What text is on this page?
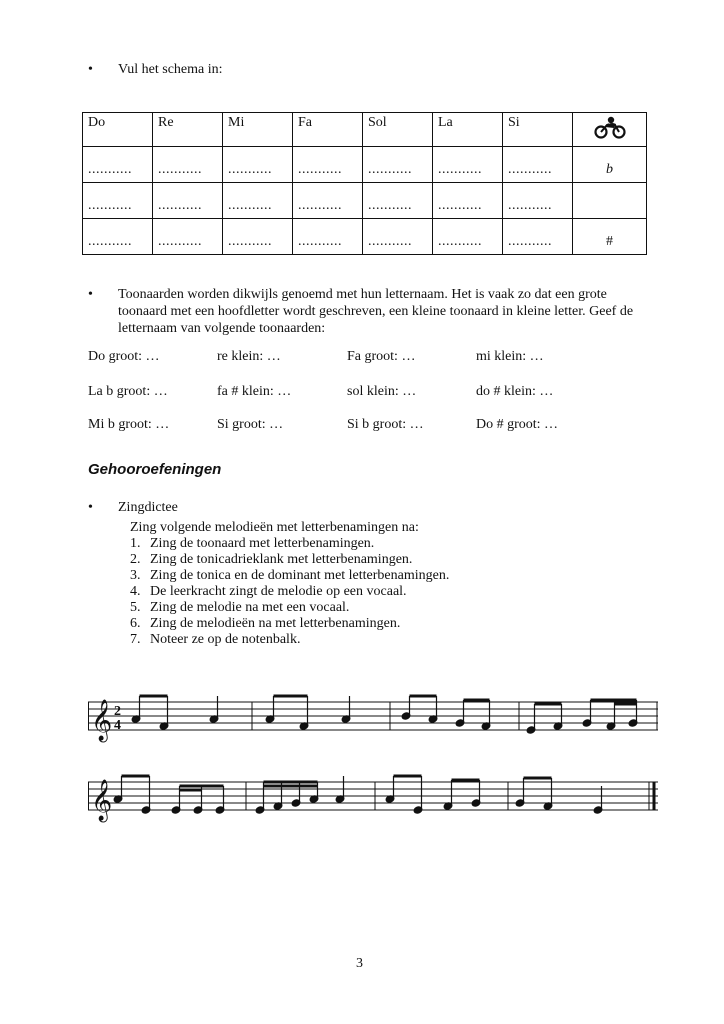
• Vul het schema in:
Do	Re	Mi	Fa	Sol	La	Si	
...........	...........	...........	...........	...........	...........	...........	b
...........	...........	...........	...........	...........	...........	...........	
...........	...........	...........	...........	...........	...........	...........	#
• Toonaarden worden dikwijls genoemd met hun letternaam. Het is vaak zo dat een grote toonaard met een hoofdletter wordt geschreven, een kleine toonaard in kleine letter. Geef de letternaam van volgende toonaarden:
Do groot: …	re klein: …	Fa groot: …	mi klein: …
La b groot: …	fa # klein: …	sol klein: …	do # klein: …
Mi b groot: …	Si groot: …	Si b groot: …	Do # groot: …
Gehooroefeningen
• Zingdictee
Zing volgende melodieën met letterbenamingen na:
1. Zing de toonaard met letterbenamingen.
2. Zing de tonicadrieklank met letterbenamingen.
3. Zing de tonica en de dominant met letterbenamingen.
4. De leerkracht zingt de melodie op een vocaal.
5. Zing de melodie na met een vocaal.
6. Zing de melodieën na met letterbenamingen.
7. Noteer ze op de notenbalk.
𝄞 2
4
𝄞
3
